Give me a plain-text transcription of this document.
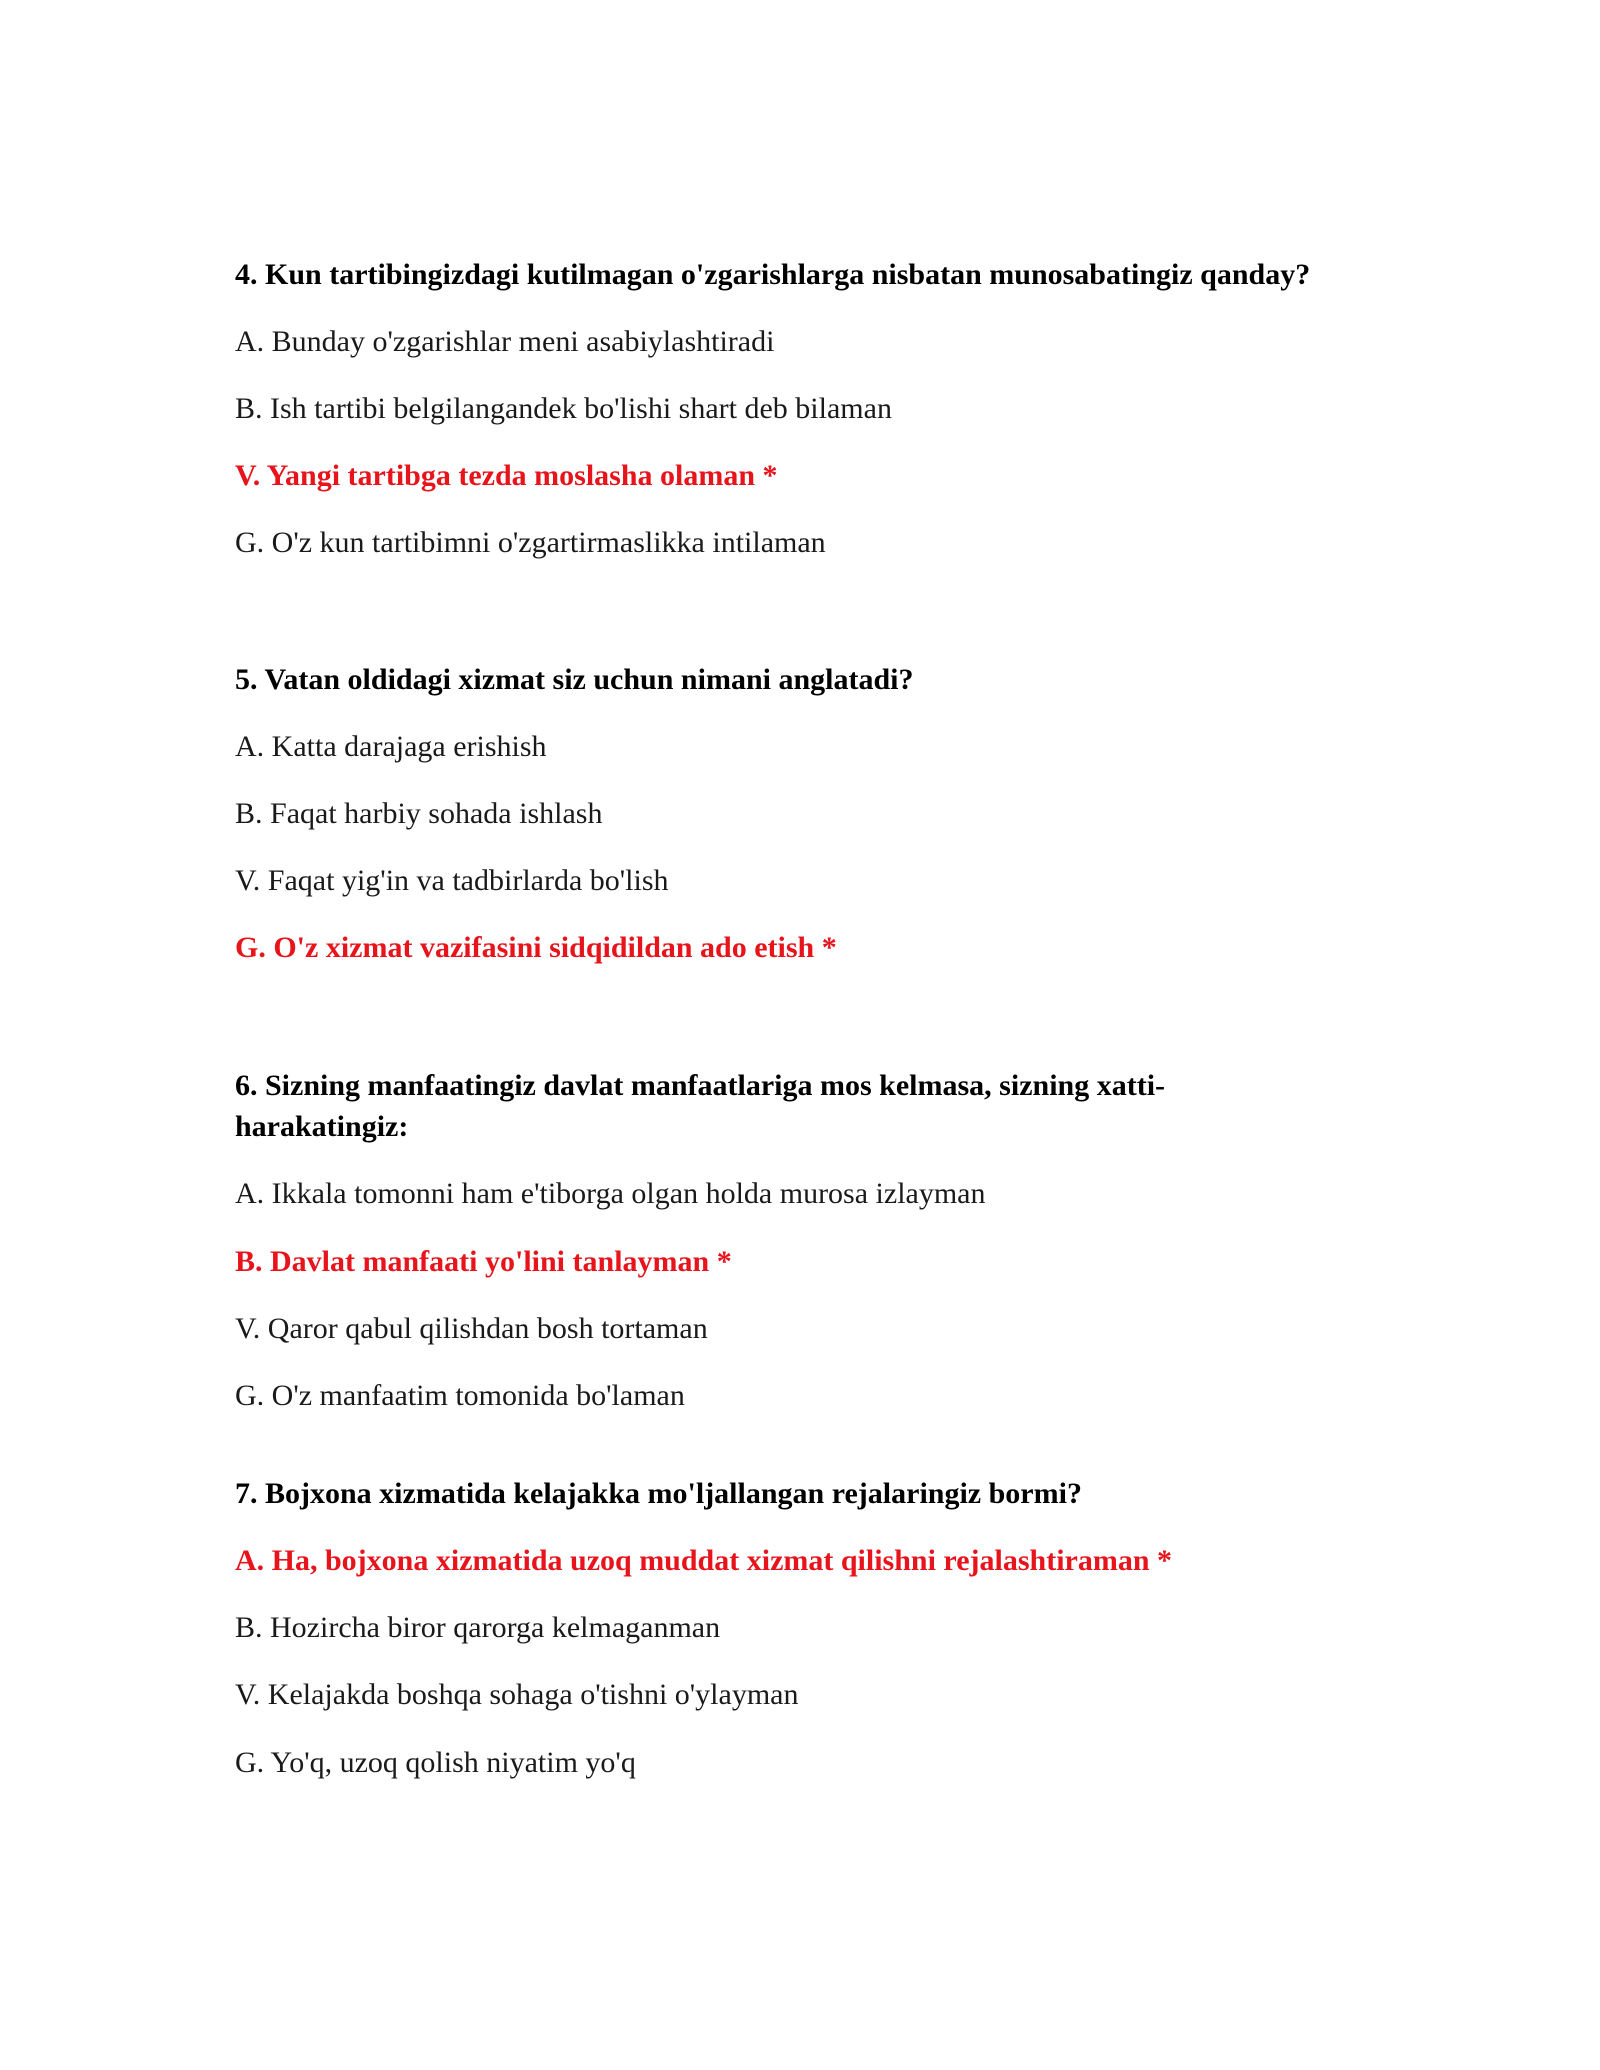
4. Kun tartibingizdagi kutilmagan o'zgarishlarga nisbatan munosabatingiz qanday?

A. Bunday o'zgarishlar meni asabiylashtiradi

B. Ish tartibi belgilangandek bo'lishi shart deb bilaman

V. Yangi tartibga tezda moslasha olaman *

G. O'z kun tartibimni o'zgartirmaslikka intilaman

5. Vatan oldidagi xizmat siz uchun nimani anglatadi?

A. Katta darajaga erishish

B. Faqat harbiy sohada ishlash

V. Faqat yig'in va tadbirlarda bo'lish

G. O'z xizmat vazifasini sidqidildan ado etish *

6. Sizning manfaatingiz davlat manfaatlariga mos kelmasa, sizning xatti-

harakatingiz:

A. Ikkala tomonni ham e'tiborga olgan holda murosa izlayman

B. Davlat manfaati yo'lini tanlayman *

V. Qaror qabul qilishdan bosh tortaman

G. O'z manfaatim tomonida bo'laman

7. Bojxona xizmatida kelajakka mo'ljallangan rejalaringiz bormi?

A. Ha, bojxona xizmatida uzoq muddat xizmat qilishni rejalashtiraman *

B. Hozircha biror qarorga kelmaganman

V. Kelajakda boshqa sohaga o'tishni o'ylayman

G. Yo'q, uzoq qolish niyatim yo'q
